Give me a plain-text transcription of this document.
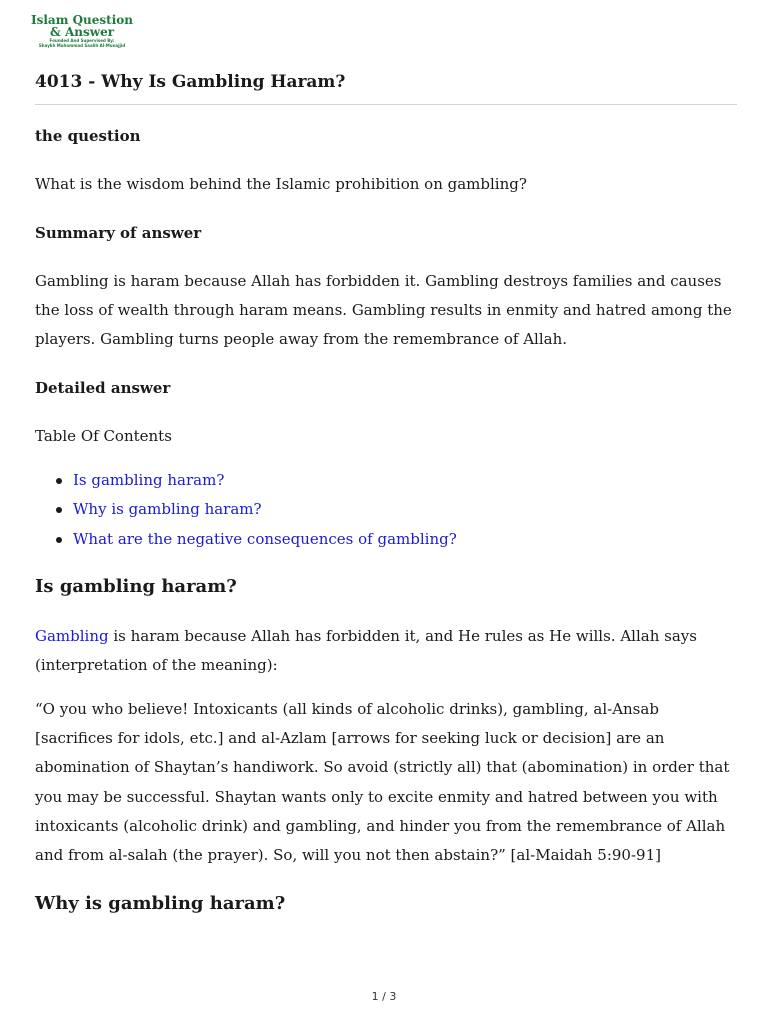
Islam Question
& Answer
Founded And Supervised By:
Shaykh Muhammad Saalih Al-Munajjid
4013 - Why Is Gambling Haram?
the question

What is the wisdom behind the Islamic prohibition on gambling?

Summary of answer

Gambling is haram because Allah has forbidden it. Gambling destroys families and causes the loss of wealth through haram means. Gambling results in enmity and hatred among the players. Gambling turns people away from the remembrance of Allah.

Detailed answer

Table Of Contents

Is gambling haram?
Why is gambling haram?
What are the negative consequences of gambling?
Is gambling haram?

Gambling is haram because Allah has forbidden it, and He rules as He wills. Allah says (interpretation of the meaning):

“O you who believe! Intoxicants (all kinds of alcoholic drinks), gambling, al-Ansab [sacrifices for idols, etc.] and al-Azlam [arrows for seeking luck or decision] are an abomination of Shaytan’s handiwork. So avoid (strictly all) that (abomination) in order that you may be successful. Shaytan wants only to excite enmity and hatred between you with intoxicants (alcoholic drink) and gambling, and hinder you from the remembrance of Allah and from al-salah (the prayer). So, will you not then abstain?” [al-Maidah 5:90-91]

Why is gambling haram?
1 / 3
